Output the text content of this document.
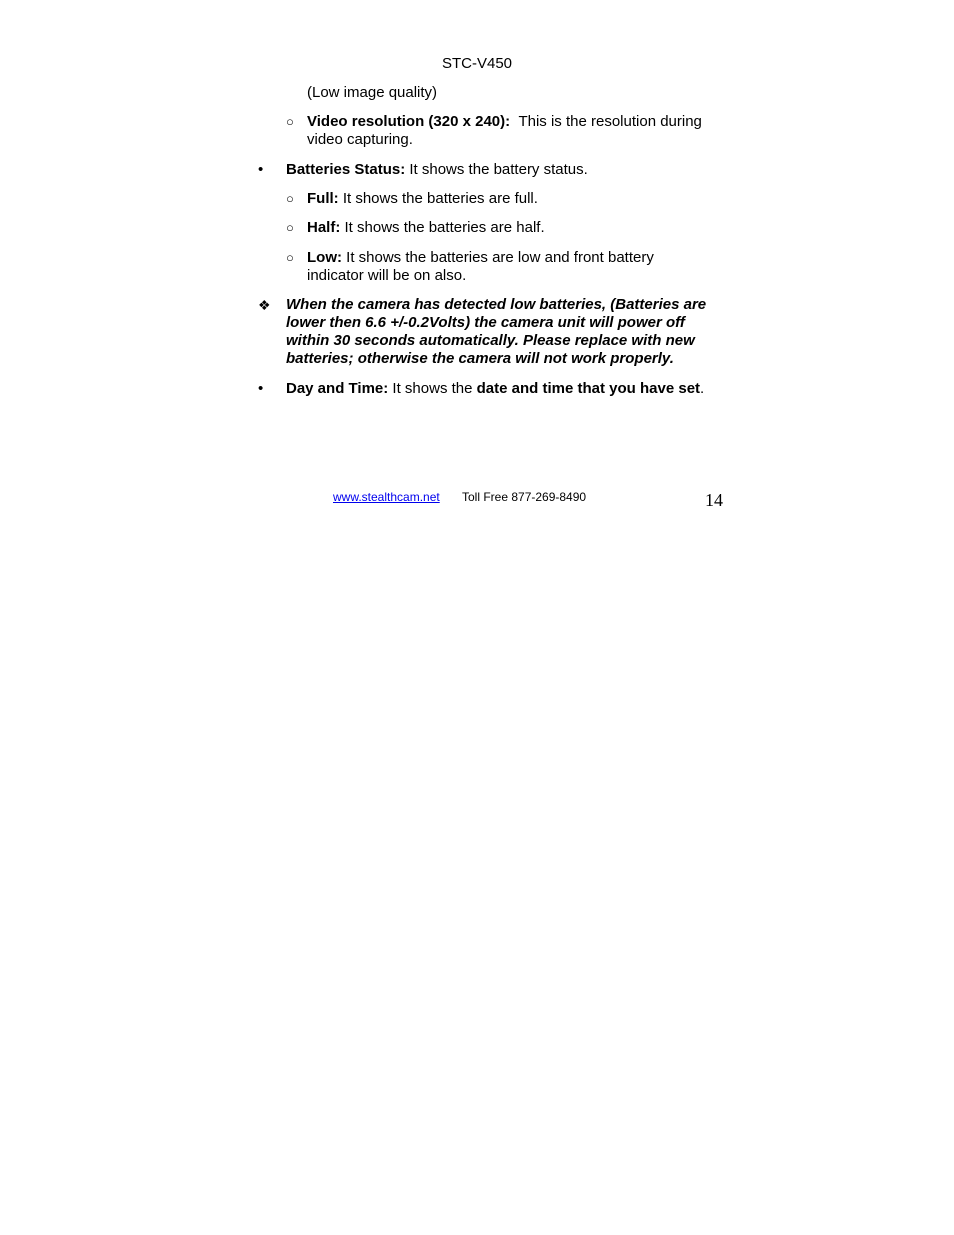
STC-V450
(Low image quality)
○ Video resolution (320 x 240): This is the resolution during
video capturing.
• Batteries Status: It shows the battery status.
○ Full: It shows the batteries are full.
○ Half: It shows the batteries are half.
○ Low: It shows the batteries are low and front battery
indicator will be on also.
❖ When the camera has detected low batteries, (Batteries are
lower then 6.6 +/-0.2Volts) the camera unit will power off
within 30 seconds automatically. Please replace with new
batteries; otherwise the camera will not work properly.
• Day and Time: It shows the date and time that you have set.
www.stealthcam.net Toll Free 877-269-8490	14
